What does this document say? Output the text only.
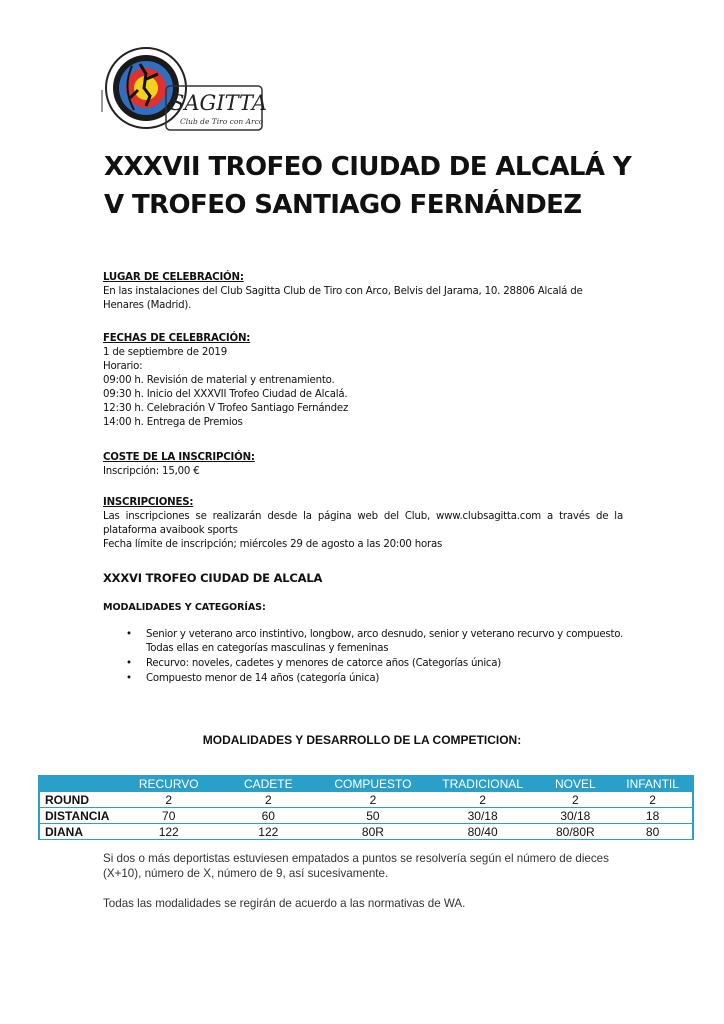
SAGITTA
Club de Tiro con Arco
XXXVII TROFEO CIUDAD DE ALCALÁ Y
V TROFEO SANTIAGO FERNÁNDEZ

LUGAR DE CELEBRACIÓN:

En las instalaciones del Club Sagitta Club de Tiro con Arco, Belvis del Jarama, 10. 28806 Alcalá de

Henares (Madrid).

FECHAS DE CELEBRACIÓN:

1 de septiembre de 2019

Horario:

09:00 h. Revisión de material y entrenamiento.

09:30 h. Inicio del XXXVII Trofeo Ciudad de Alcalá.

12:30 h. Celebración V Trofeo Santiago Fernández

14:00 h. Entrega de Premios

COSTE DE LA INSCRIPCIÓN:

Inscripción: 15,00 €

INSCRIPCIONES:

Las inscripciones se realizarán desde la página web del Club, www.clubsagitta.com a través de la plataforma avaibook sports

Fecha límite de inscripción; miércoles 29 de agosto a las 20:00 horas

XXXVI TROFEO CIUDAD DE ALCALA
MODALIDADES Y CATEGORÍAS:
• Senior y veterano arco instintivo, longbow, arco desnudo, senior y veterano recurvo y compuesto. Todas ellas en categorías masculinas y femeninas
• Recurvo: noveles, cadetes y menores de catorce años (Categorías única)
• Compuesto menor de 14 años (categoría única)
MODALIDADES Y DESARROLLO DE LA COMPETICION:
	RECURVO	CADETE	COMPUESTO	TRADICIONAL	NOVEL	INFANTIL
ROUND	2	2	2	2	2	2
DISTANCIA	70	60	50	30/18	30/18	18
DIANA	122	122	80R	80/40	80/80R	80

Si dos o más deportistas estuviesen empatados a puntos se resolvería según el número de dieces (X+10), número de X, número de 9, así sucesivamente.

Todas las modalidades se regirán de acuerdo a las normativas de WA.
